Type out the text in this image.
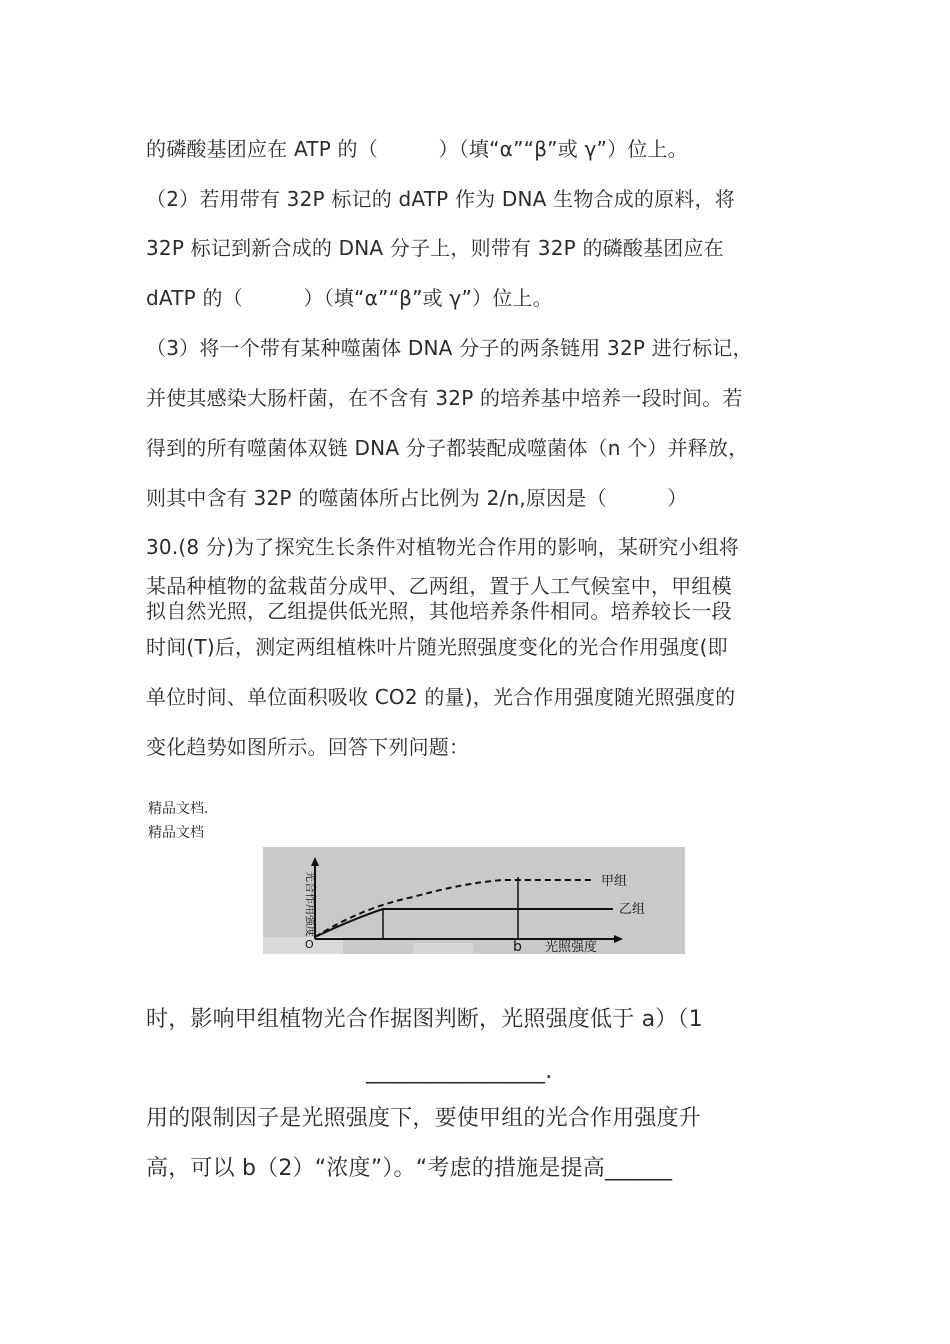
的磷酸基团应在 ATP 的（　　　）（填“α”“β”或 γ”）位上。
（2）若用带有 32P 标记的 dATP 作为 DNA 生物合成的原料，将
32P 标记到新合成的 DNA 分子上，则带有 32P 的磷酸基团应在
dATP 的（　　　）（填“α”“β”或 γ”）位上。
（3）将一个带有某种噬菌体 DNA 分子的两条链用 32P 进行标记，
并使其感染大肠杆菌，在不含有 32P 的培养基中培养一段时间。若
得到的所有噬菌体双链 DNA 分子都装配成噬菌体（n 个）并释放，
则其中含有 32P 的噬菌体所占比例为 2/n,原因是（　　　）
30.(8 分)为了探究生长条件对植物光合作用的影响，某研究小组将
某品种植物的盆栽苗分成甲、乙两组，置于人工气候室中，甲组模
拟自然光照，乙组提供低光照，其他培养条件相同。培养较长一段
时间(T)后，测定两组植株叶片随光照强度变化的光合作用强度(即
单位时间、单位面积吸收 CO2 的量)，光合作用强度随光照强度的
变化趋势如图所示。回答下列问题：
精品文档.
精品文档
O	b 光照强度
甲组
乙组
光合作用强度
时，影响甲组植物光合作据图判断，光照强度低于 a）（1
________________.
用的限制因子是光照强度下，要使甲组的光合作用强度升
高，可以 b（2）“浓度”）。“考虑的措施是提高______
